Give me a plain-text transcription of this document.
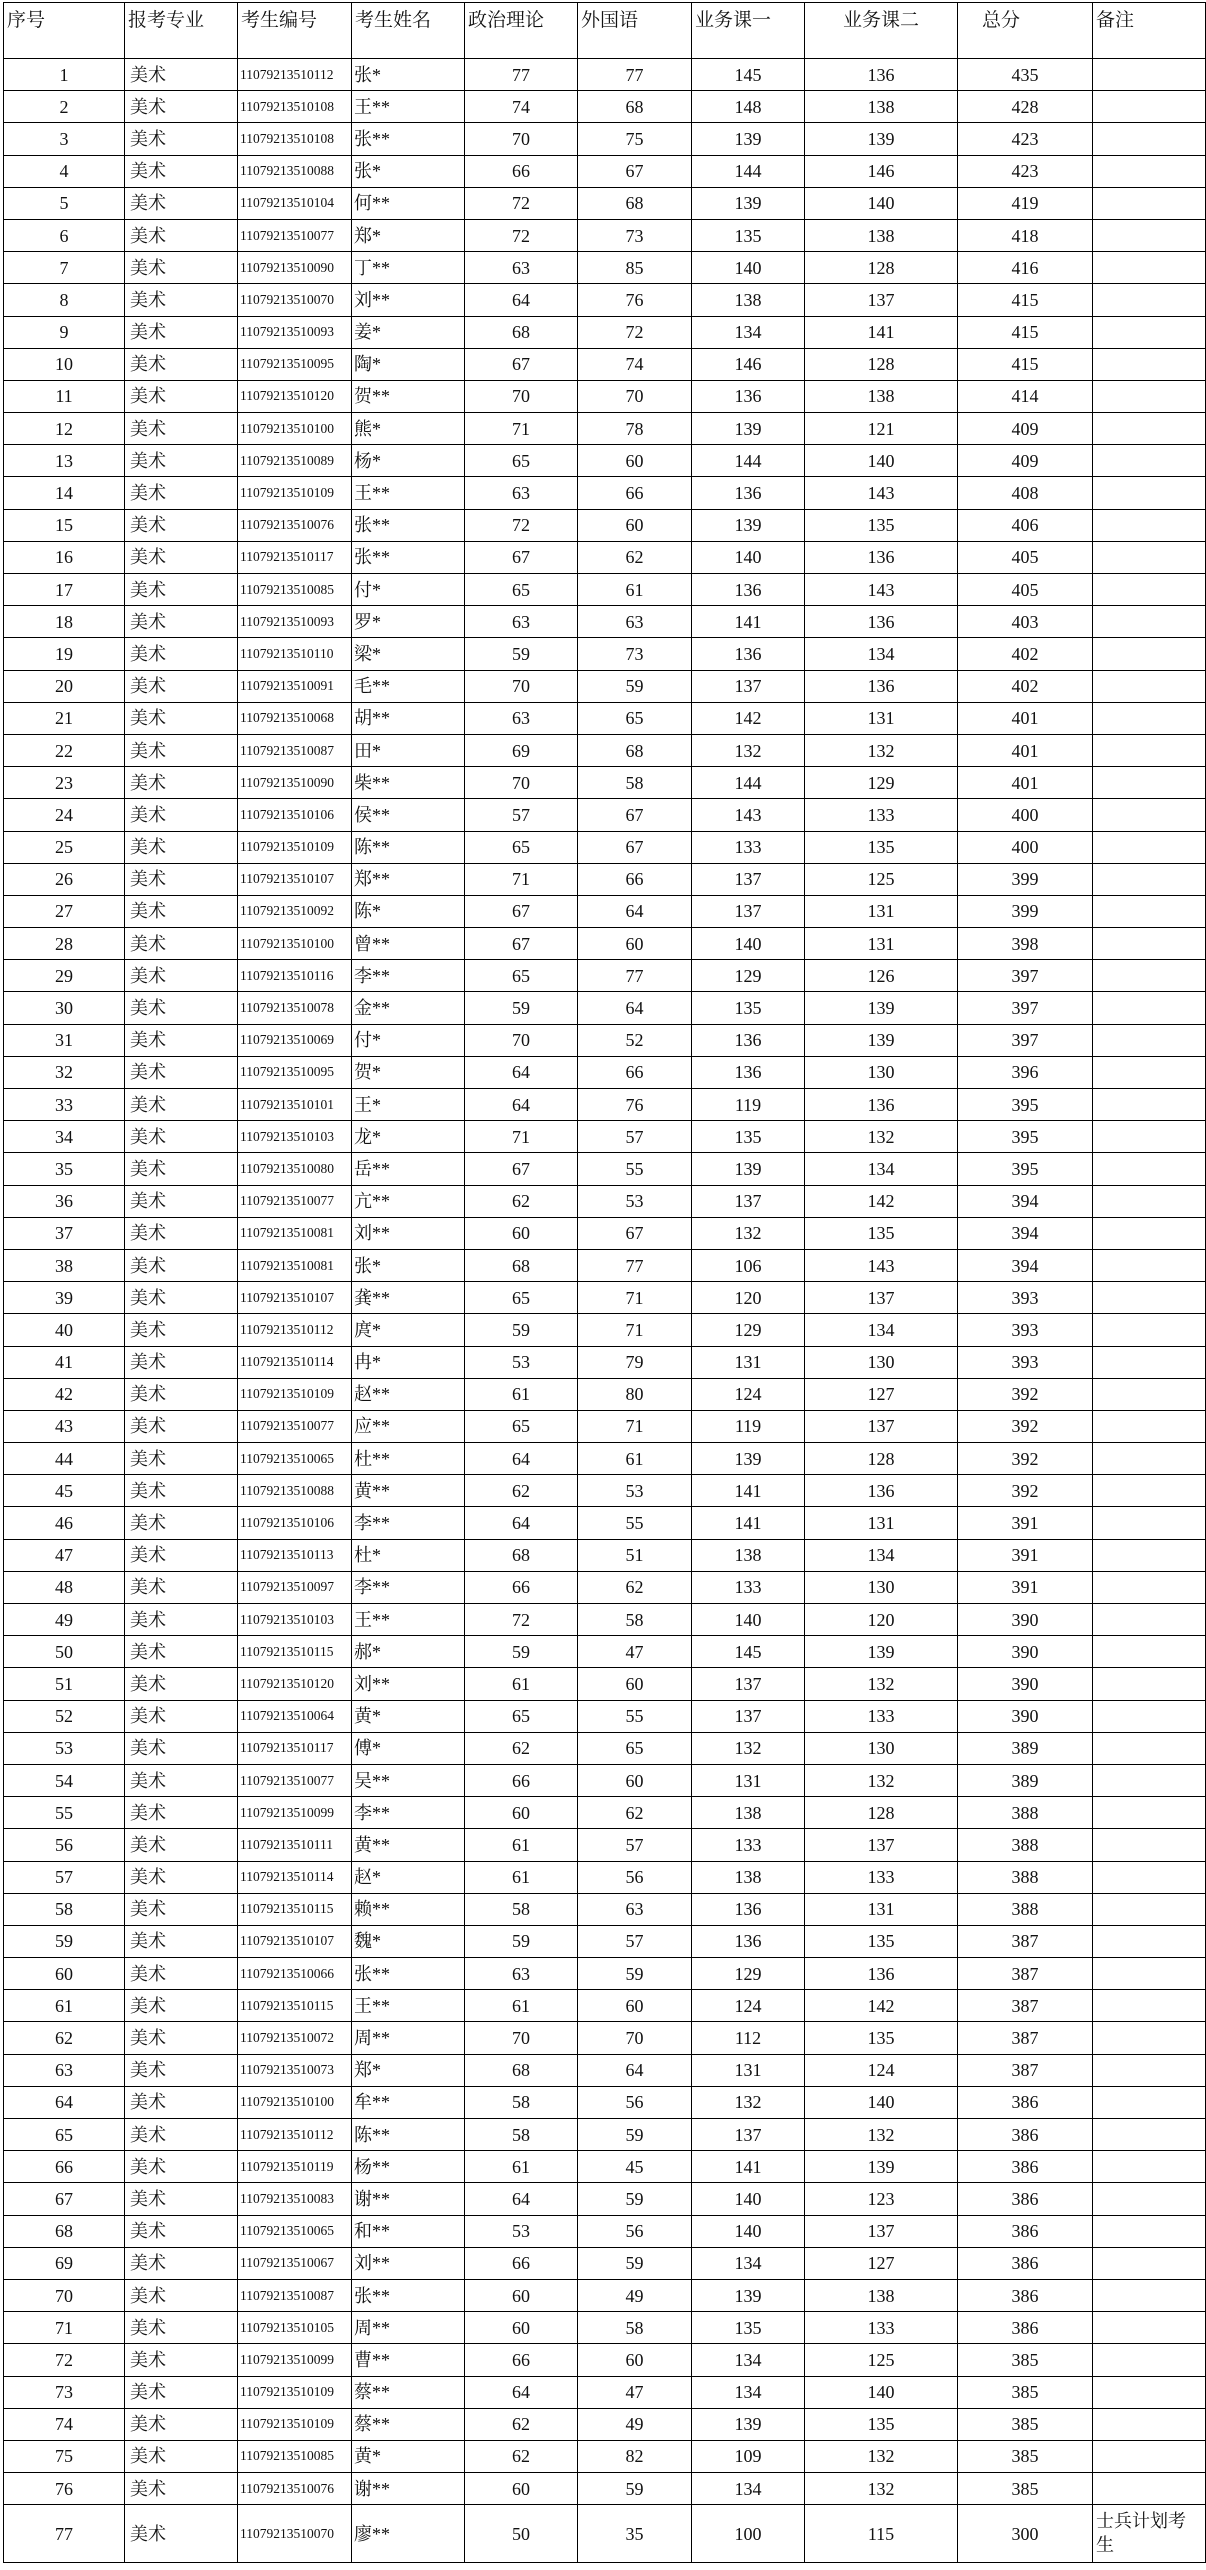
序号	报考专业	考生编号	考生姓名	政治理论	外国语	业务课一	业务课二	总分	备注
1	美术	11079213510112	张*	77	77	145	136	435	
2	美术	11079213510108	王**	74	68	148	138	428	
3	美术	11079213510108	张**	70	75	139	139	423	
4	美术	11079213510088	张*	66	67	144	146	423	
5	美术	11079213510104	何**	72	68	139	140	419	
6	美术	11079213510077	郑*	72	73	135	138	418	
7	美术	11079213510090	丁**	63	85	140	128	416	
8	美术	11079213510070	刘**	64	76	138	137	415	
9	美术	11079213510093	姜*	68	72	134	141	415	
10	美术	11079213510095	陶*	67	74	146	128	415	
11	美术	11079213510120	贺**	70	70	136	138	414	
12	美术	11079213510100	熊*	71	78	139	121	409	
13	美术	11079213510089	杨*	65	60	144	140	409	
14	美术	11079213510109	王**	63	66	136	143	408	
15	美术	11079213510076	张**	72	60	139	135	406	
16	美术	11079213510117	张**	67	62	140	136	405	
17	美术	11079213510085	付*	65	61	136	143	405	
18	美术	11079213510093	罗*	63	63	141	136	403	
19	美术	11079213510110	梁*	59	73	136	134	402	
20	美术	11079213510091	毛**	70	59	137	136	402	
21	美术	11079213510068	胡**	63	65	142	131	401	
22	美术	11079213510087	田*	69	68	132	132	401	
23	美术	11079213510090	柴**	70	58	144	129	401	
24	美术	11079213510106	侯**	57	67	143	133	400	
25	美术	11079213510109	陈**	65	67	133	135	400	
26	美术	11079213510107	郑**	71	66	137	125	399	
27	美术	11079213510092	陈*	67	64	137	131	399	
28	美术	11079213510100	曾**	67	60	140	131	398	
29	美术	11079213510116	李**	65	77	129	126	397	
30	美术	11079213510078	金**	59	64	135	139	397	
31	美术	11079213510069	付*	70	52	136	139	397	
32	美术	11079213510095	贺*	64	66	136	130	396	
33	美术	11079213510101	王*	64	76	119	136	395	
34	美术	11079213510103	龙*	71	57	135	132	395	
35	美术	11079213510080	岳**	67	55	139	134	395	
36	美术	11079213510077	亢**	62	53	137	142	394	
37	美术	11079213510081	刘**	60	67	132	135	394	
38	美术	11079213510081	张*	68	77	106	143	394	
39	美术	11079213510107	龚**	65	71	120	137	393	
40	美术	11079213510112	庹*	59	71	129	134	393	
41	美术	11079213510114	冉*	53	79	131	130	393	
42	美术	11079213510109	赵**	61	80	124	127	392	
43	美术	11079213510077	应**	65	71	119	137	392	
44	美术	11079213510065	杜**	64	61	139	128	392	
45	美术	11079213510088	黄**	62	53	141	136	392	
46	美术	11079213510106	李**	64	55	141	131	391	
47	美术	11079213510113	杜*	68	51	138	134	391	
48	美术	11079213510097	李**	66	62	133	130	391	
49	美术	11079213510103	王**	72	58	140	120	390	
50	美术	11079213510115	郝*	59	47	145	139	390	
51	美术	11079213510120	刘**	61	60	137	132	390	
52	美术	11079213510064	黄*	65	55	137	133	390	
53	美术	11079213510117	傅*	62	65	132	130	389	
54	美术	11079213510077	吴**	66	60	131	132	389	
55	美术	11079213510099	李**	60	62	138	128	388	
56	美术	11079213510111	黄**	61	57	133	137	388	
57	美术	11079213510114	赵*	61	56	138	133	388	
58	美术	11079213510115	赖**	58	63	136	131	388	
59	美术	11079213510107	魏*	59	57	136	135	387	
60	美术	11079213510066	张**	63	59	129	136	387	
61	美术	11079213510115	王**	61	60	124	142	387	
62	美术	11079213510072	周**	70	70	112	135	387	
63	美术	11079213510073	郑*	68	64	131	124	387	
64	美术	11079213510100	牟**	58	56	132	140	386	
65	美术	11079213510112	陈**	58	59	137	132	386	
66	美术	11079213510119	杨**	61	45	141	139	386	
67	美术	11079213510083	谢**	64	59	140	123	386	
68	美术	11079213510065	和**	53	56	140	137	386	
69	美术	11079213510067	刘**	66	59	134	127	386	
70	美术	11079213510087	张**	60	49	139	138	386	
71	美术	11079213510105	周**	60	58	135	133	386	
72	美术	11079213510099	曹**	66	60	134	125	385	
73	美术	11079213510109	蔡**	64	47	134	140	385	
74	美术	11079213510109	蔡**	62	49	139	135	385	
75	美术	11079213510085	黄*	62	82	109	132	385	
76	美术	11079213510076	谢**	60	59	134	132	385	
77	美术	11079213510070	廖**	50	35	100	115	300	士兵计划考生
